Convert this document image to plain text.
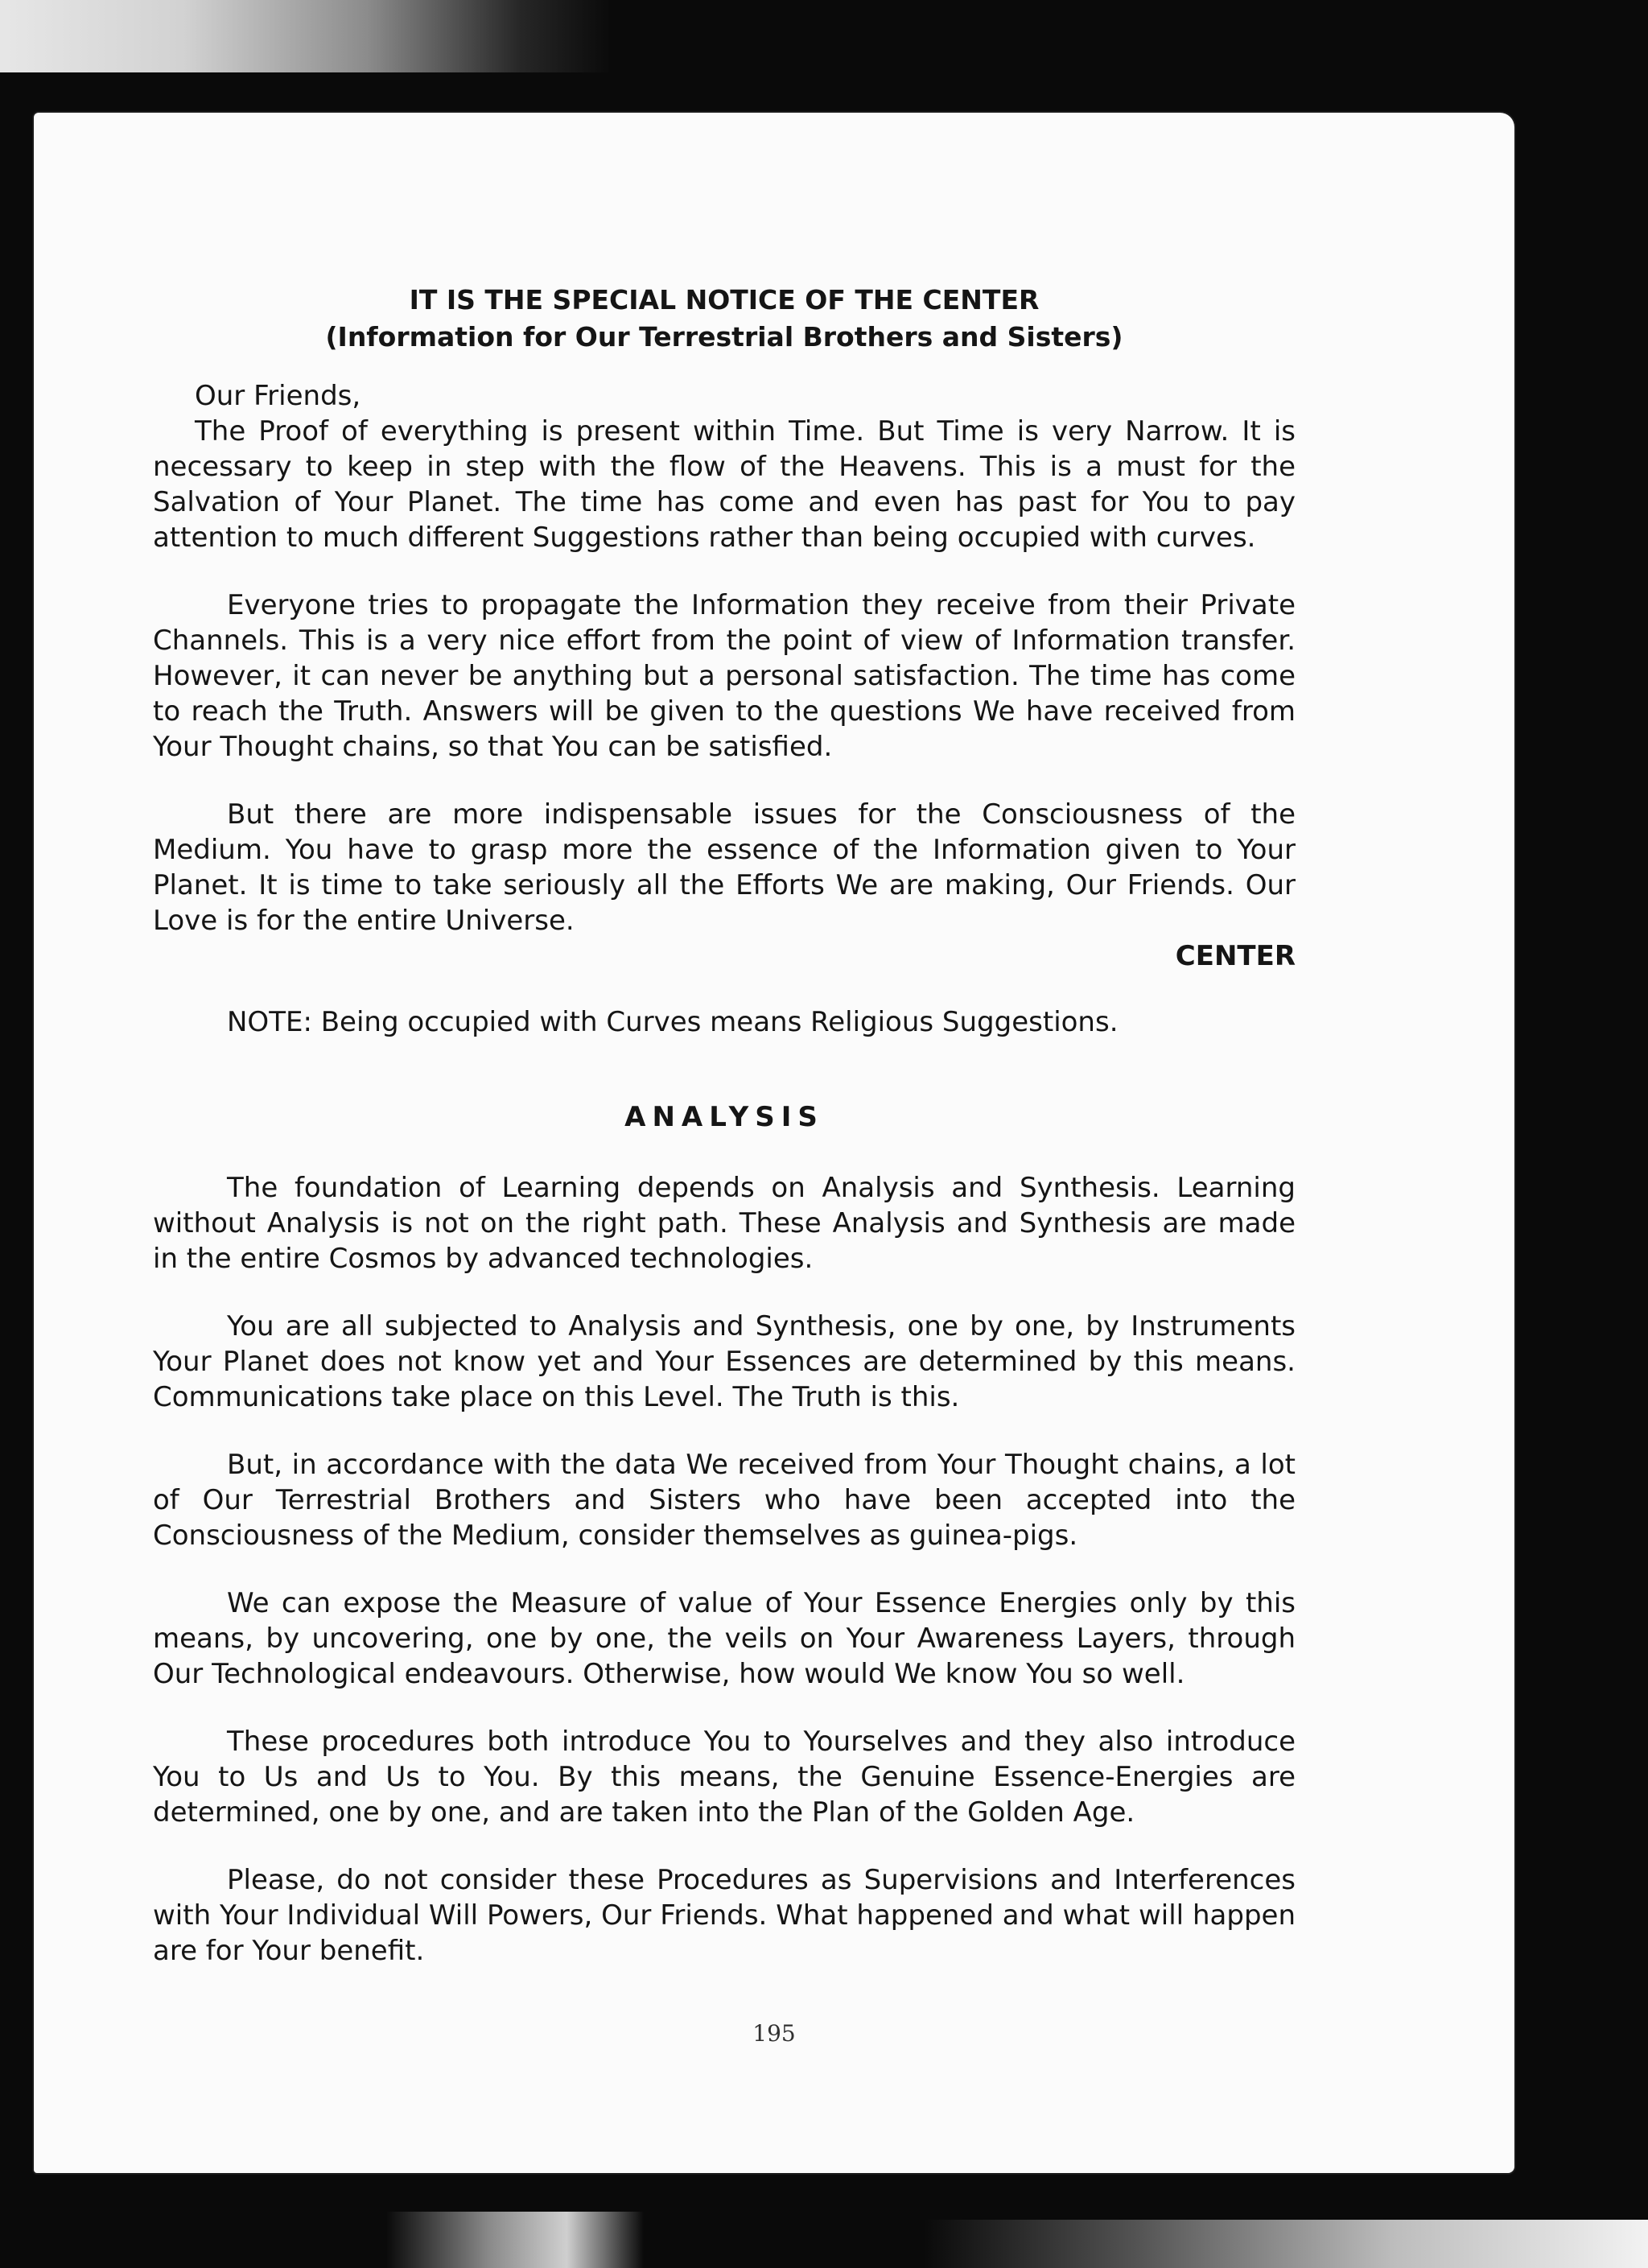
IT IS THE SPECIAL NOTICE OF THE CENTER
(Information for Our Terrestrial Brothers and Sisters)
Our Friends,

The Proof of everything is present within Time. But Time is very Narrow. It is necessary to keep in step with the flow of the Heavens. This is a must for the Salvation of Your Planet. The time has come and even has past for You to pay attention to much different Suggestions rather than being occupied with curves.

Everyone tries to propagate the Information they receive from their Private Channels. This is a very nice effort from the point of view of Information transfer. However, it can never be anything but a personal satisfaction. The time has come to reach the Truth. Answers will be given to the questions We have received from Your Thought chains, so that You can be satisfied.

But there are more indispensable issues for the Consciousness of the Medium. You have to grasp more the essence of the Information given to Your Planet. It is time to take seriously all the Efforts We are making, Our Friends. Our Love is for the entire Universe.

CENTER

NOTE: Being occupied with Curves means Religious Suggestions.

ANALYSIS

The foundation of Learning depends on Analysis and Synthesis. Learning without Analysis is not on the right path. These Analysis and Synthesis are made in the entire Cosmos by advanced technologies.

You are all subjected to Analysis and Synthesis, one by one, by Instruments Your Planet does not know yet and Your Essences are determined by this means. Communications take place on this Level. The Truth is this.

But, in accordance with the data We received from Your Thought chains, a lot of Our Terrestrial Brothers and Sisters who have been accepted into the Consciousness of the Medium, consider themselves as guinea-pigs.

We can expose the Measure of value of Your Essence Energies only by this means, by uncovering, one by one, the veils on Your Awareness Layers, through Our Technological endeavours. Otherwise, how would We know You so well.

These procedures both introduce You to Yourselves and they also introduce You to Us and Us to You. By this means, the Genuine Essence-Energies are determined, one by one, and are taken into the Plan of the Golden Age.

Please, do not consider these Procedures as Supervisions and Interferences with Your Individual Will Powers, Our Friends. What happened and what will happen are for Your benefit.

195
